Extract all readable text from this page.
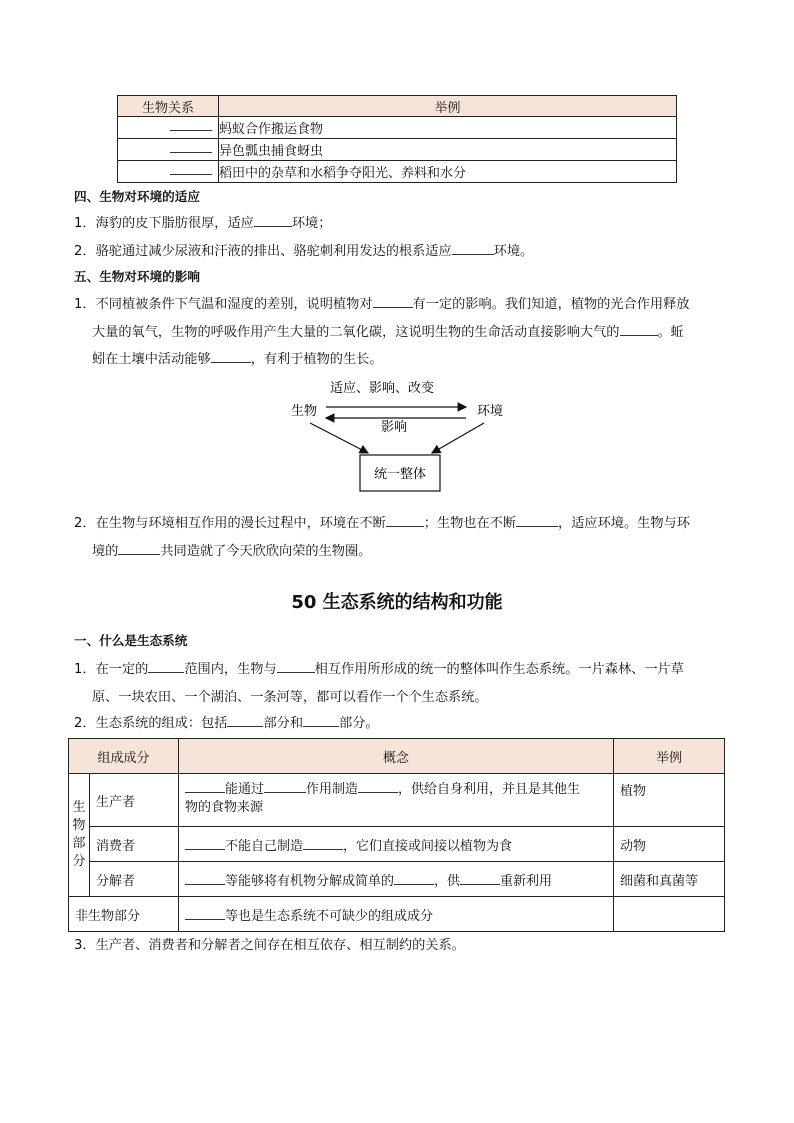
生物关系	举例
	蚂蚁合作搬运食物
	异色瓢虫捕食蚜虫
	稻田中的杂草和水稻争夺阳光、养料和水分
四、生物对环境的适应
1．海豹的皮下脂肪很厚，适应	环境；
2．骆驼通过减少尿液和汗液的排出、骆驼刺利用发达的根系适应	环境。
五、生物对环境的影响
1．不同植被条件下气温和湿度的差别，说明植物对	有一定的影响。我们知道，植物的光合作用释放
大量的氧气，生物的呼吸作用产生大量的二氧化碳，这说明生物的生命活动直接影响大气的	。蚯
蚓在土壤中活动能够	，有利于植物的生长。
适应、影响、改变
生物	环境
影响
统一整体
2．在生物与环境相互作用的漫长过程中，环境在不断	；生物也在不断	，适应环境。生物与环
境的	共同造就了今天欣欣向荣的生物圈。
50 生态系统的结构和功能
一、什么是生态系统
1．在一定的	范围内，生物与	相互作用所形成的统一的整体叫作生态系统。一片森林、一片草
原、一块农田、一个湖泊、一条河等，都可以看作一个个生态系统。
2．生态系统的组成：包括	部分和	部分。
组成成分		概念	举例
生
物
部
分	生产者	能通过 作用制造 ，供给自身利用，并且是其他生
物的食物来源	植物
	消费者	不能自己制造 ，它们直接或间接以植物为食	动物
	分解者	等能够将有机物分解成简单的 ，供 重新利用	细菌和真菌等
非生物部分		等也是生态系统不可缺少的组成成分	
3．生产者、消费者和分解者之间存在相互依存、相互制约的关系。
